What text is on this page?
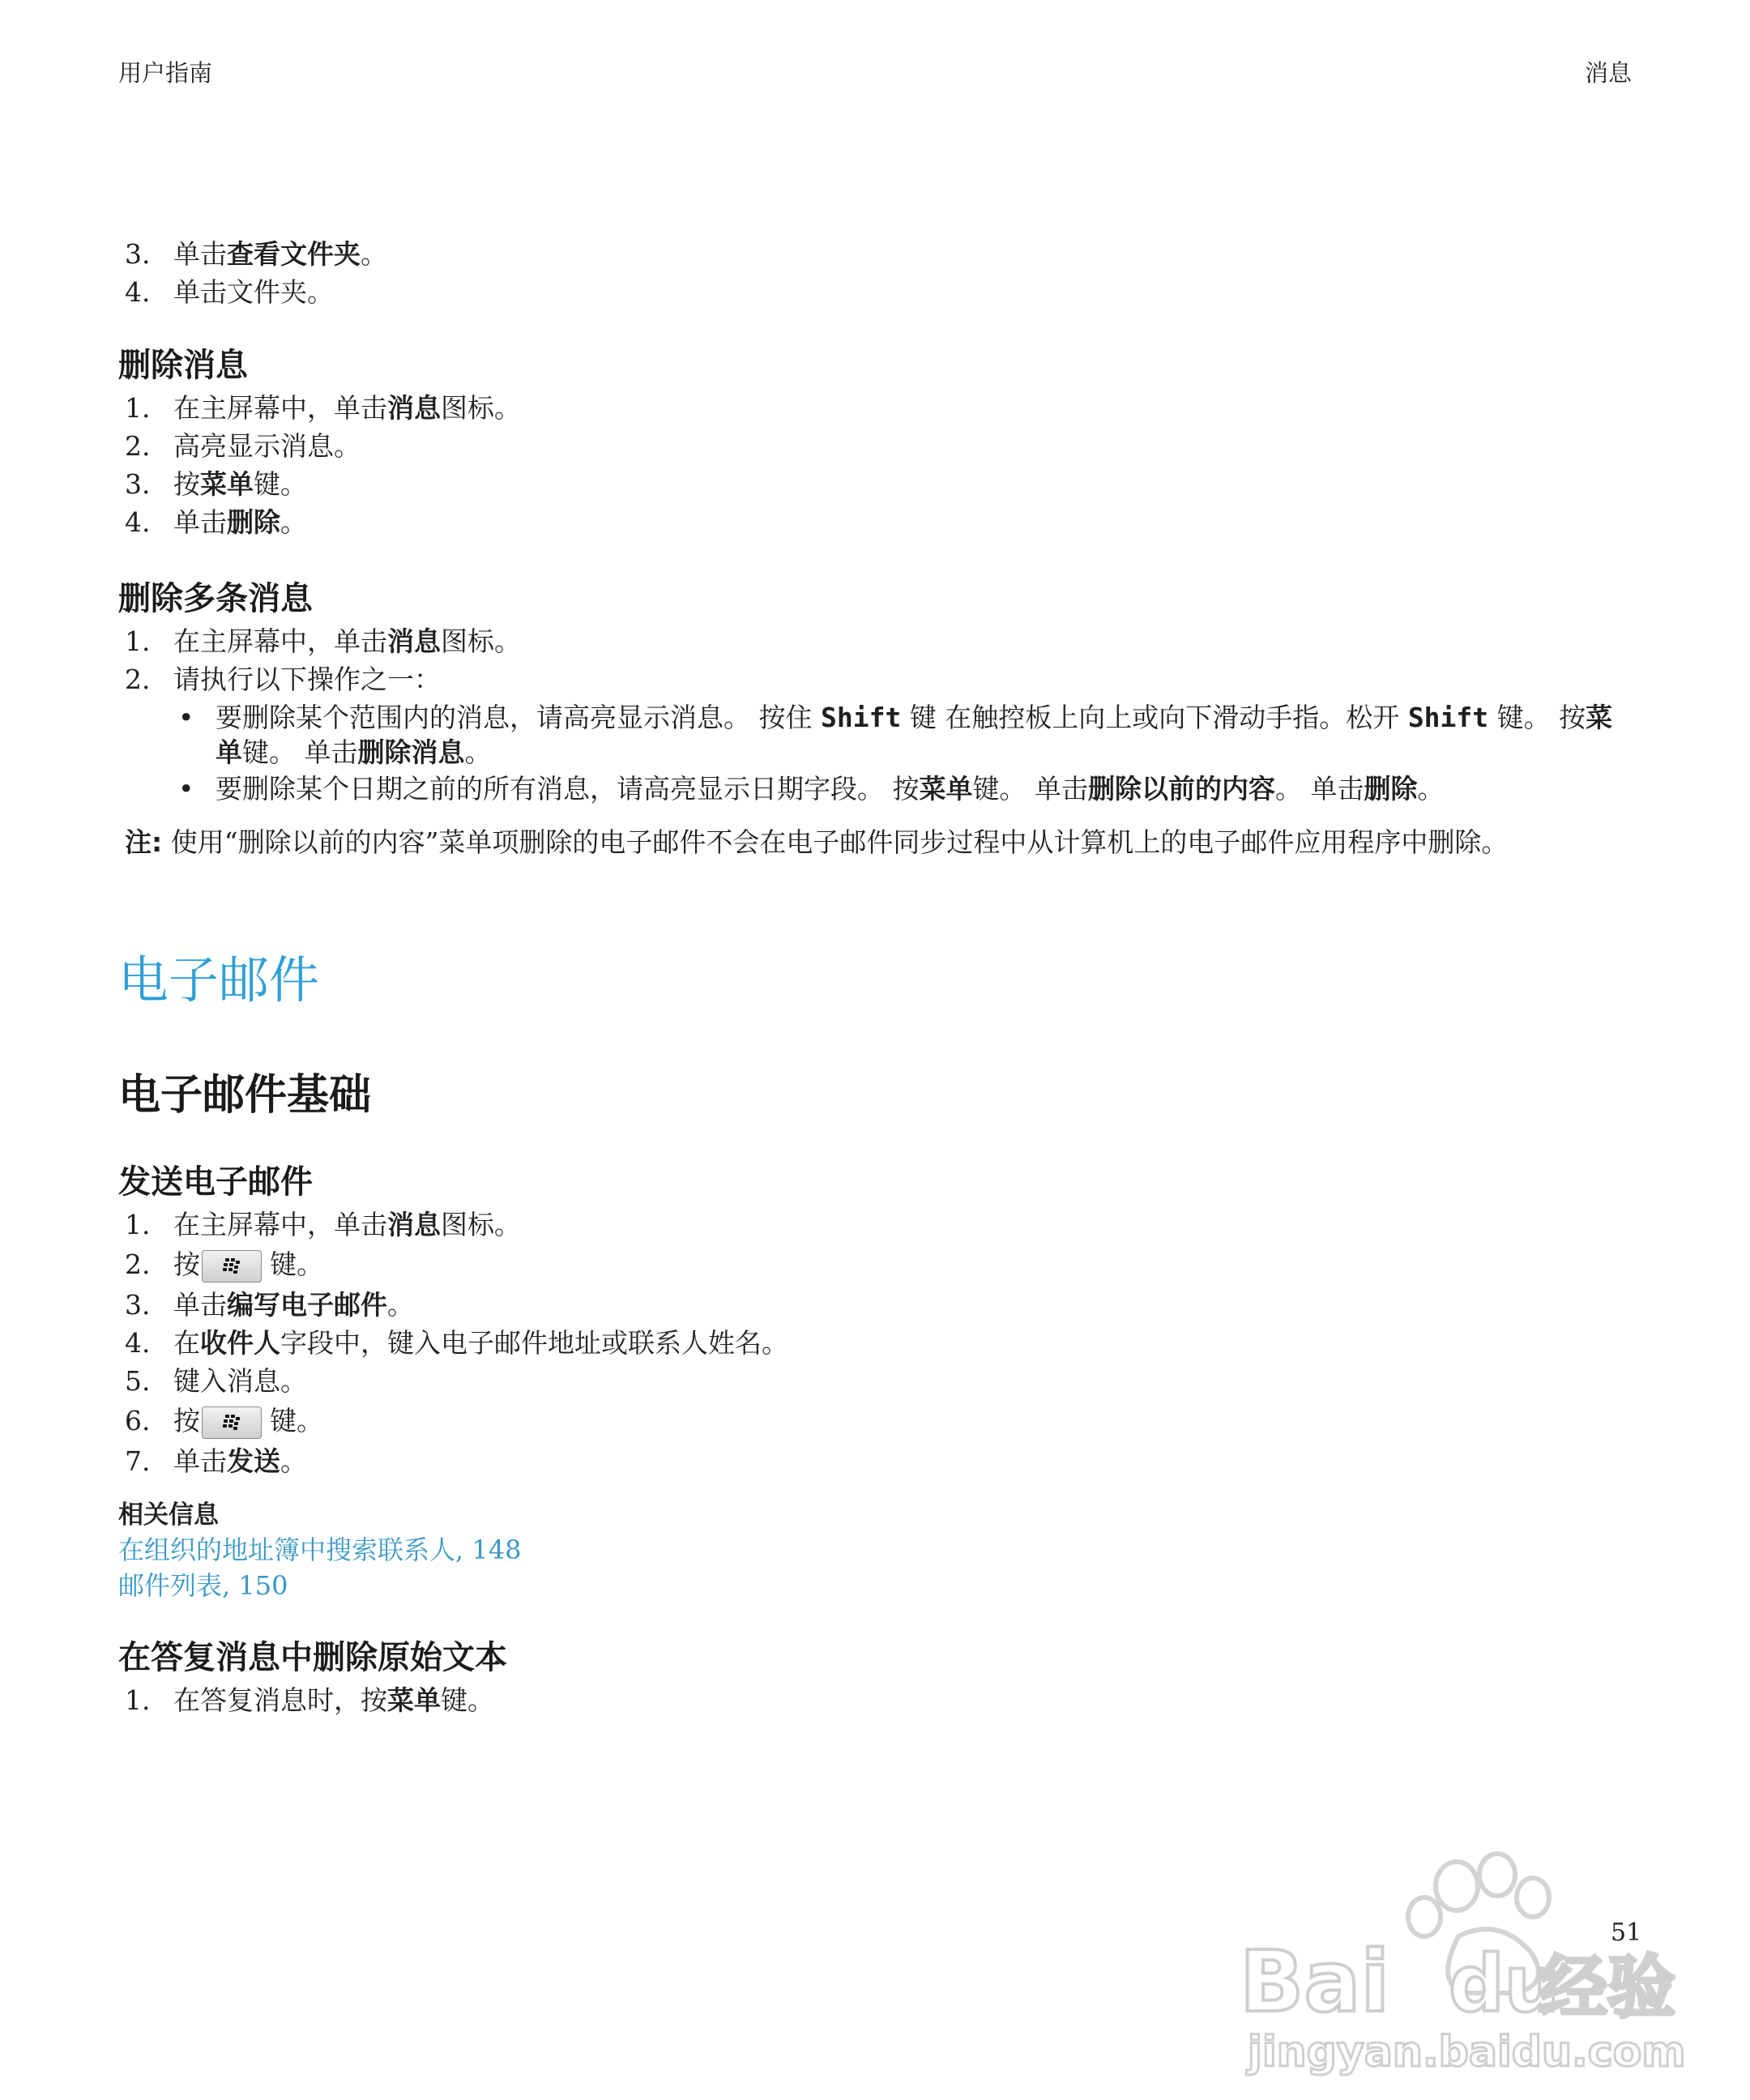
用户指南	消息
3. 单击查看文件夹。
4. 单击文件夹。
删除消息
1. 在主屏幕中，单击消息图标。
2. 高亮显示消息。
3. 按菜单键。
4. 单击删除。
删除多条消息
1. 在主屏幕中，单击消息图标。
2. 请执行以下操作之一：
• 要删除某个范围内的消息，请高亮显示消息。 按住 Shift 键 在触控板上向上或向下滑动手指。松开 Shift 键。 按菜单键。 单击删除消息。
• 要删除某个日期之前的所有消息，请高亮显示日期字段。 按菜单键。 单击删除以前的内容。 单击删除。
注: 使用“删除以前的内容”菜单项删除的电子邮件不会在电子邮件同步过程中从计算机上的电子邮件应用程序中删除。
电子邮件
电子邮件基础
发送电子邮件
1. 在主屏幕中，单击消息图标。
2. 按	键。
3. 单击编写电子邮件。
4. 在收件人字段中，键入电子邮件地址或联系人姓名。
5. 键入消息。
6. 按	键。
7. 单击发送。
相关信息
在组织的地址簿中搜索联系人, 148
邮件列表, 150
在答复消息中删除原始文本
1. 在答复消息时，按菜单键。
51
Bai du
经验
jingyan.baidu.com
